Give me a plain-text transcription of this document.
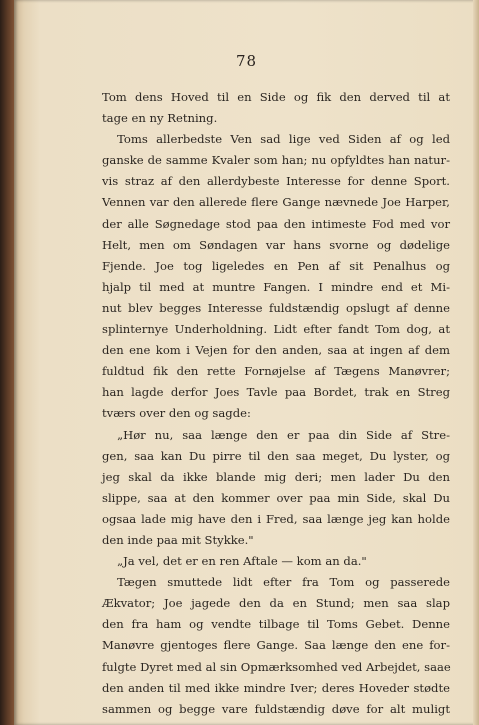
78
Tom dens Hoved til en Side og fik den derved til at
tage en ny Retning.
Toms allerbedste Ven sad lige ved Siden af og led
ganske de samme Kvaler som han; nu opfyldtes han natur-
vis straz af den allerdybeste Interesse for denne Sport.
Vennen var den allerede flere Gange nævnede Joe Harper,
der alle Søgnedage stod paa den intimeste Fod med vor
Helt, men om Søndagen var hans svorne og dødelige
Fjende. Joe tog ligeledes en Pen af sit Penalhus og
hjalp til med at muntre Fangen. I mindre end et Mi-
nut blev begges Interesse fuldstændig opslugt af denne
splinternye Underholdning. Lidt efter fandt Tom dog, at
den ene kom i Vejen for den anden, saa at ingen af dem
fuldtud fik den rette Fornøjelse af Tægens Manøvrer;
han lagde derfor Joes Tavle paa Bordet, trak en Streg
tværs over den og sagde:
„Hør nu, saa længe den er paa din Side af Stre-
gen, saa kan Du pirre til den saa meget, Du lyster, og
jeg skal da ikke blande mig deri; men lader Du den
slippe, saa at den kommer over paa min Side, skal Du
ogsaa lade mig have den i Fred, saa længe jeg kan holde
den inde paa mit Stykke."
„Ja vel, det er en ren Aftale — kom an da."
Tægen smuttede lidt efter fra Tom og passerede
Ækvator; Joe jagede den da en Stund; men saa slap
den fra ham og vendte tilbage til Toms Gebet. Denne
Manøvre gjentoges flere Gange. Saa længe den ene for-
fulgte Dyret med al sin Opmærksomhed ved Arbejdet, saae
den anden til med ikke mindre Iver; deres Hoveder stødte
sammen og begge vare fuldstændig døve for alt muligt
